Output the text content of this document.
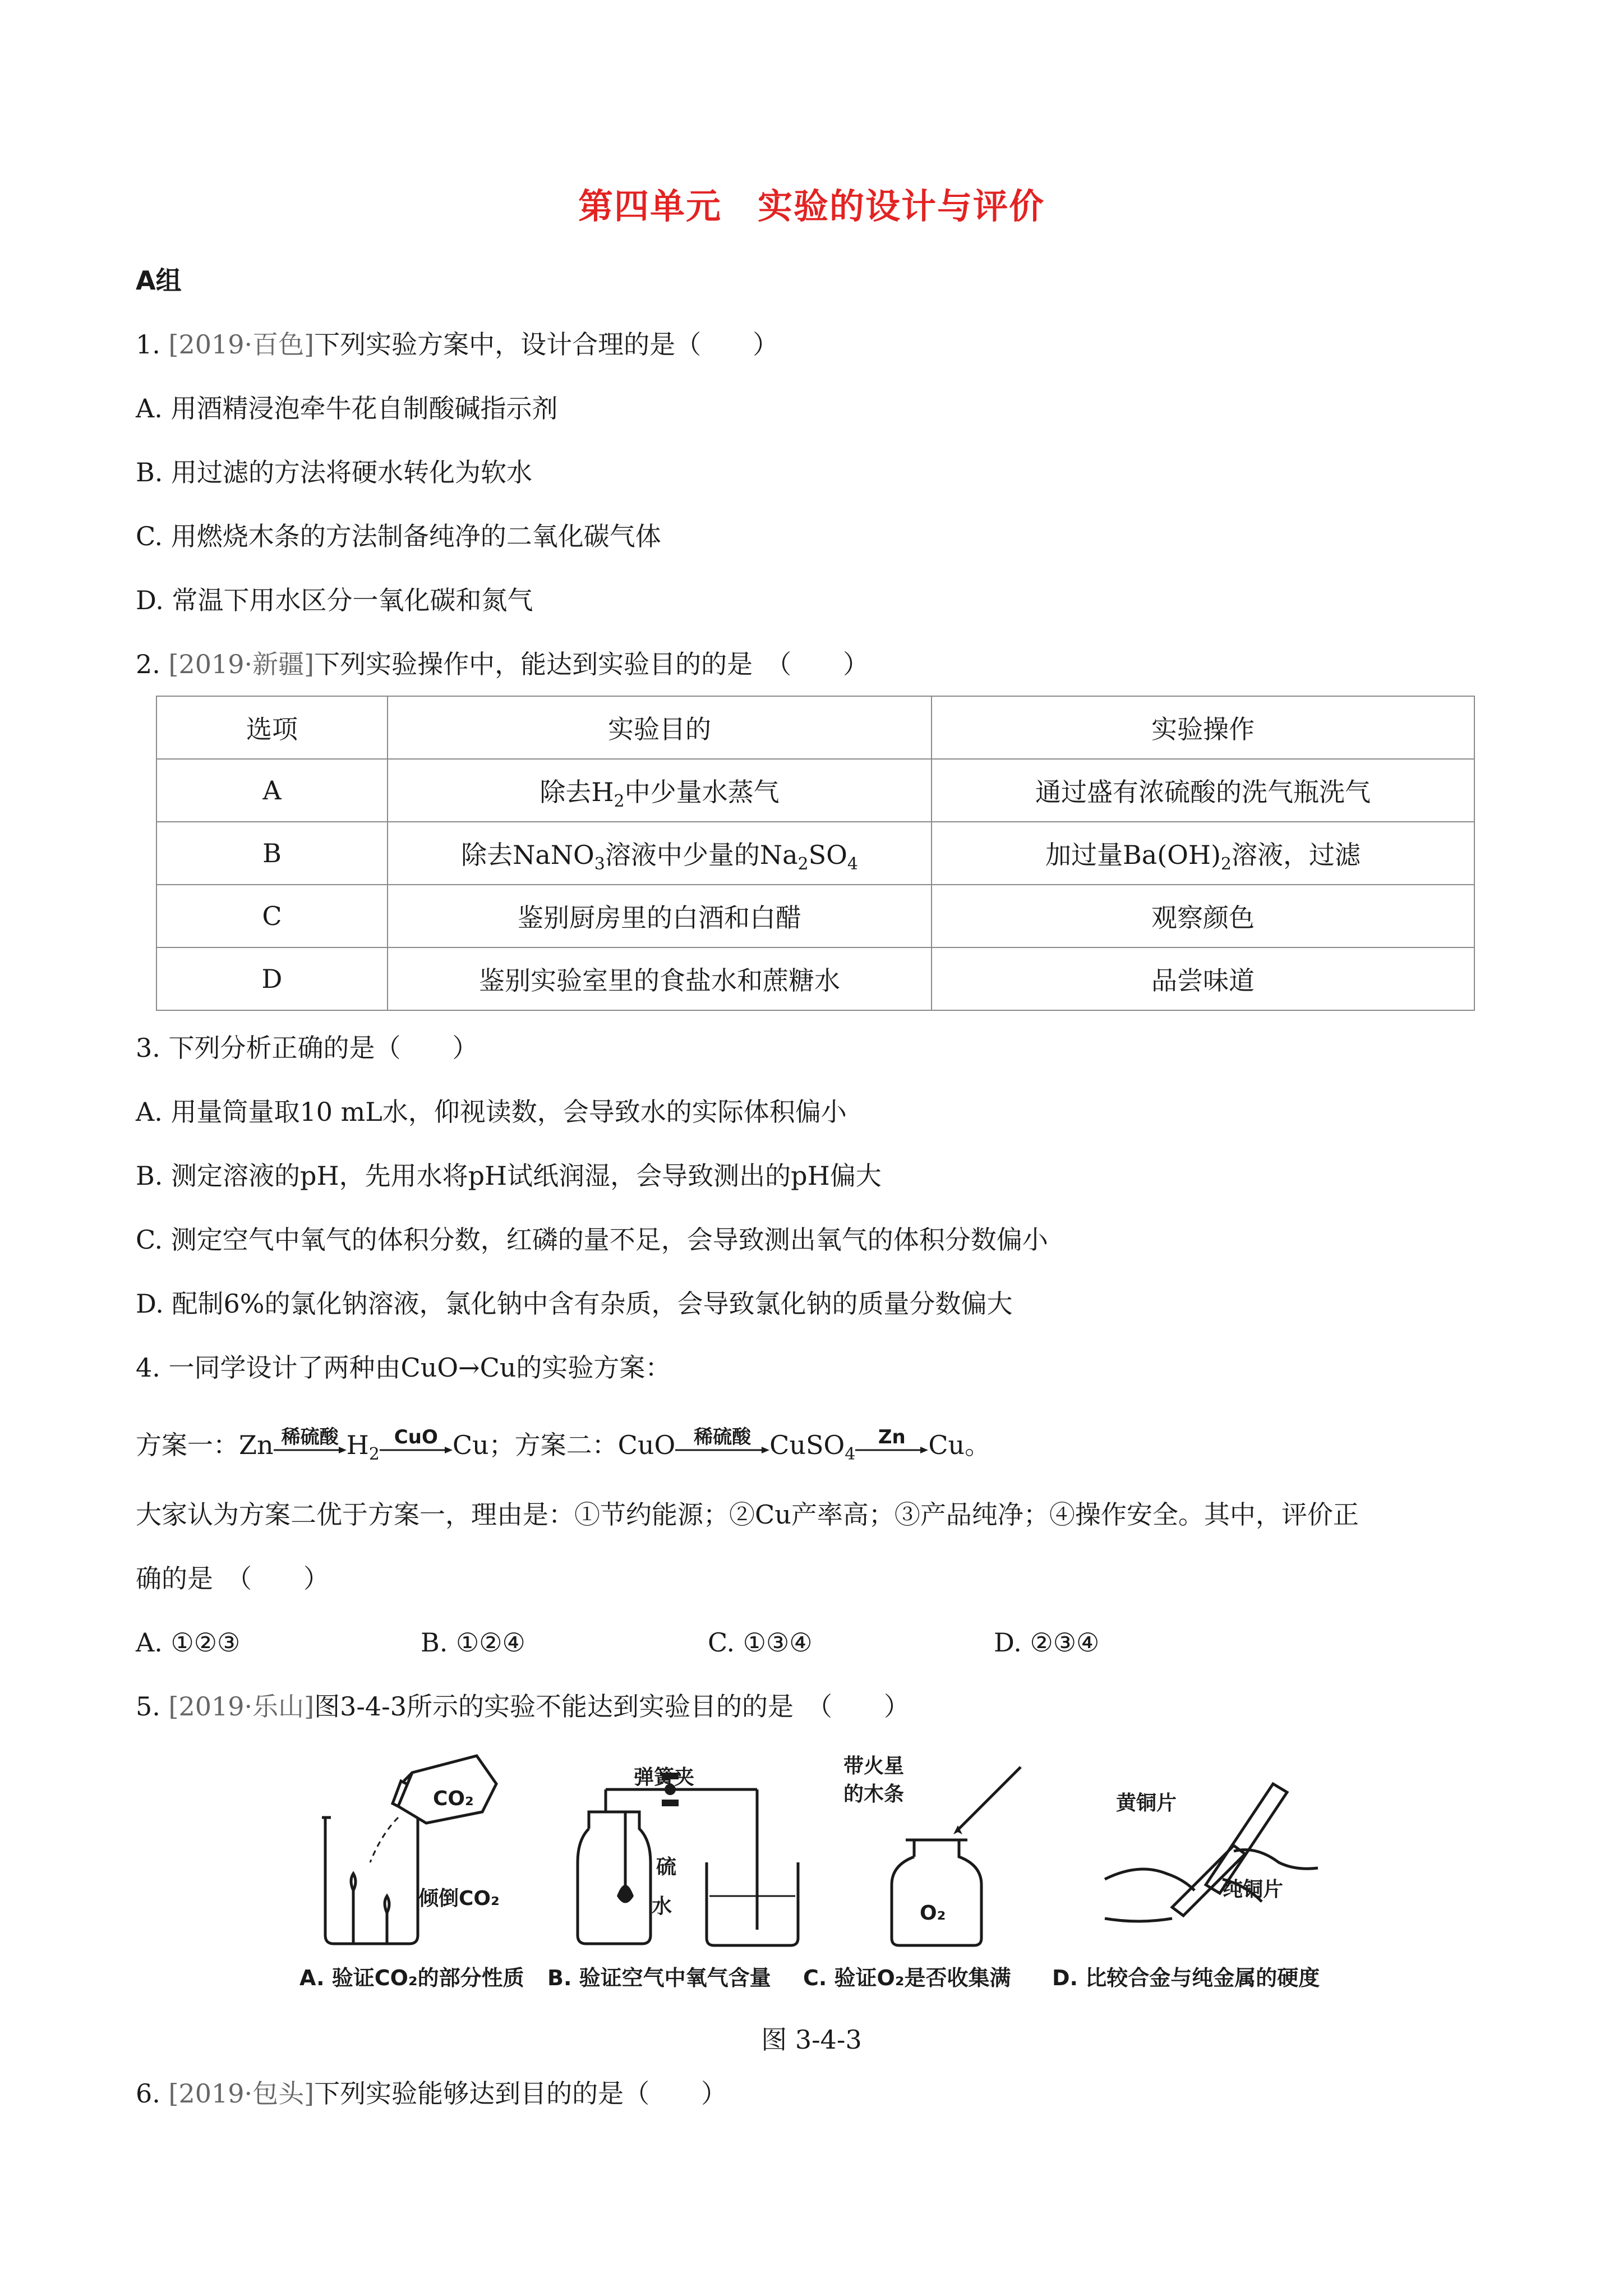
第四单元　实验的设计与评价
A组
1. [2019·百色]下列实验方案中，设计合理的是（　　）
A. 用酒精浸泡牵牛花自制酸碱指示剂
B. 用过滤的方法将硬水转化为软水
C. 用燃烧木条的方法制备纯净的二氧化碳气体
D. 常温下用水区分一氧化碳和氮气
2. [2019·新疆]下列实验操作中，能达到实验目的的是　（　　）
选项	实验目的	实验操作
A	除去$H_2$中少量水蒸气	通过盛有浓硫酸的洗气瓶洗气
B	除去NaNO$_3$溶液中少量的$Na_2SO_4$	加过量$Ba(OH)_2$溶液，过滤
C	鉴别厨房里的白酒和白醋	观察颜色
D	鉴别实验室里的食盐水和蔗糖水	品尝味道
3. 下列分析正确的是（　　）
A. 用量筒量取10 mL水，仰视读数，会导致水的实际体积偏小
B. 测定溶液的pH，先用水将pH试纸润湿，会导致测出的pH偏大
C. 测定空气中氧气的体积分数，红磷的量不足，会导致测出氧气的体积分数偏小
D. 配制6%的氯化钠溶液，氯化钠中含有杂质，会导致氯化钠的质量分数偏大
4. 一同学设计了两种由CuO→Cu的实验方案：
方案一：Zn 稀硫酸 $H_2$
CuO Cu；方案二：CuO 稀硫酸 CuSO$_4$
Zn Cu。
大家认为方案二优于方案一，理由是：①节约能源；②Cu产率高；③产品纯净；④操作安全。其中，评价正
确的是　（　　）
A. ①②③	B. ①②④	C. ①③④	D. ②③④
5. [2019·乐山]图3-4-3所示的实验不能达到实验目的的是　（　　）
CO₂
倾倒CO₂
弹簧夹
硫
水
带火星
的木条
O₂
黄铜片
纯铜片
A. 验证CO₂的部分性质 B. 验证空气中氧气含量 C. 验证O₂是否收集满 D. 比较合金与纯金属的硬度
图 3-4-3
6. [2019·包头]下列实验能够达到目的的是（　　）
